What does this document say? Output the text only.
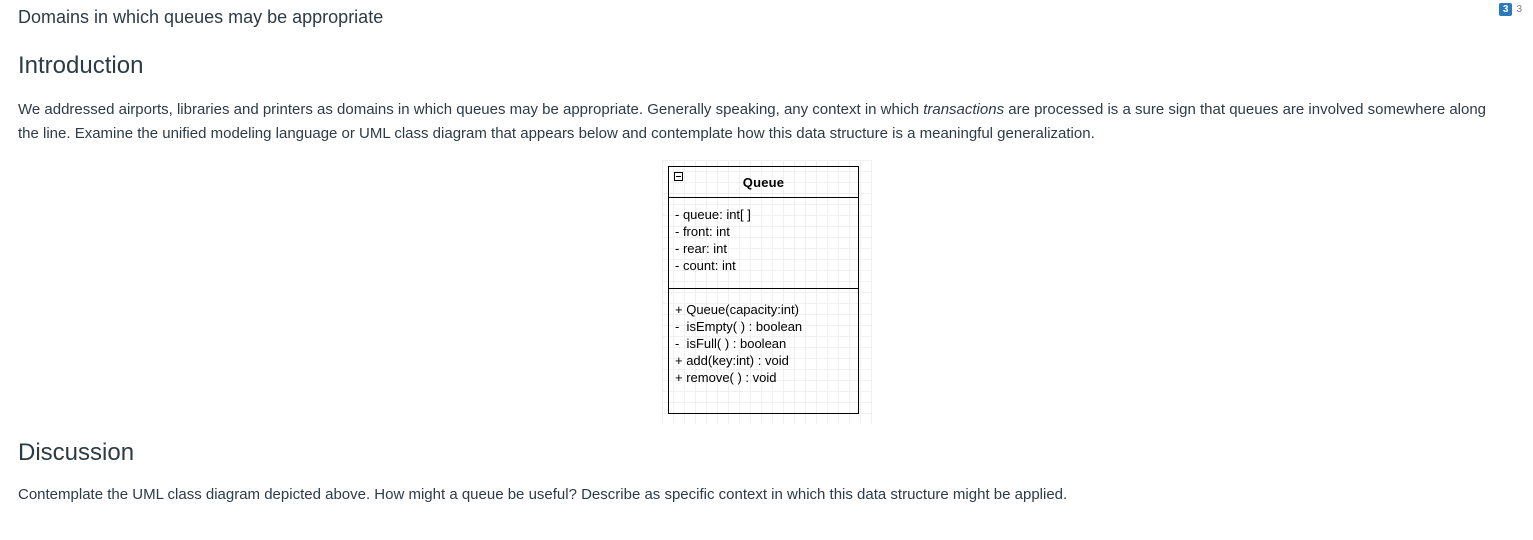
Domains in which queues may be appropriate	3 3
Introduction

We addressed airports, libraries and printers as domains in which queues may be appropriate. Generally speaking, any context in which transactions are processed is a sure sign that queues are involved somewhere along the line. Examine the unified modeling language or UML class diagram that appears below and contemplate how this data structure is a meaningful generalization.

Queue
- queue: int[ ]
- front: int
- rear: int
- count: int
+ Queue(capacity:int)
-  isEmpty( ) : boolean
-  isFull( ) : boolean
+ add(key:int) : void
+ remove( ) : void
Discussion

Contemplate the UML class diagram depicted above. How might a queue be useful? Describe as specific context in which this data structure might be applied.
